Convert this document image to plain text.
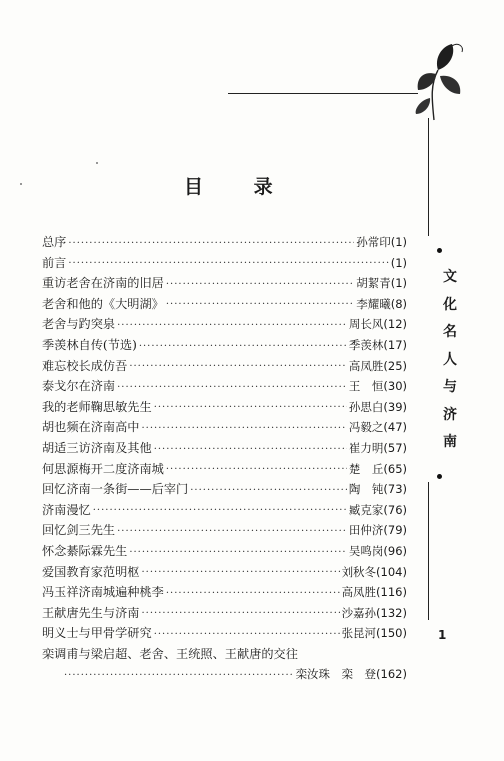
文
化
名
人
与
济
南
1
目 录
总序 ·····	孙常印(1)
前言 ·····	(1)
重访老舍在济南的旧居 ·····	胡絜青(1)
老舍和他的《大明湖》 ·····	李耀曦(8)
老舍与趵突泉 ·····	周长风(12)
季羡林自传(节选) ·····	季羡林(17)
难忘校长成仿吾 ·····	高凤胜(25)
泰戈尔在济南 ·····	王　恒(30)
我的老师鞠思敏先生 ·····	孙思白(39)
胡也频在济南高中 ·····	冯毅之(47)
胡适三访济南及其他 ·····	崔力明(57)
何思源梅开二度济南城 ·····	楚　丘(65)
回忆济南一条街——后宰门 ·····	陶　钝(73)
济南漫忆 ·····	臧克家(76)
回忆剑三先生 ·····	田仲济(79)
怀念綦际霖先生 ·····	吴鸣岗(96)
爱国教育家范明枢 ·····	刘秋冬(104)
冯玉祥济南城遍种桃李 ·····	高凤胜(116)
王献唐先生与济南 ·····	沙嘉孙(132)
明义士与甲骨学研究 ·····	张昆河(150)
栾调甫与梁启超、老舍、王统照、王献唐的交往
·····
栾汝珠　栾　登(162)
